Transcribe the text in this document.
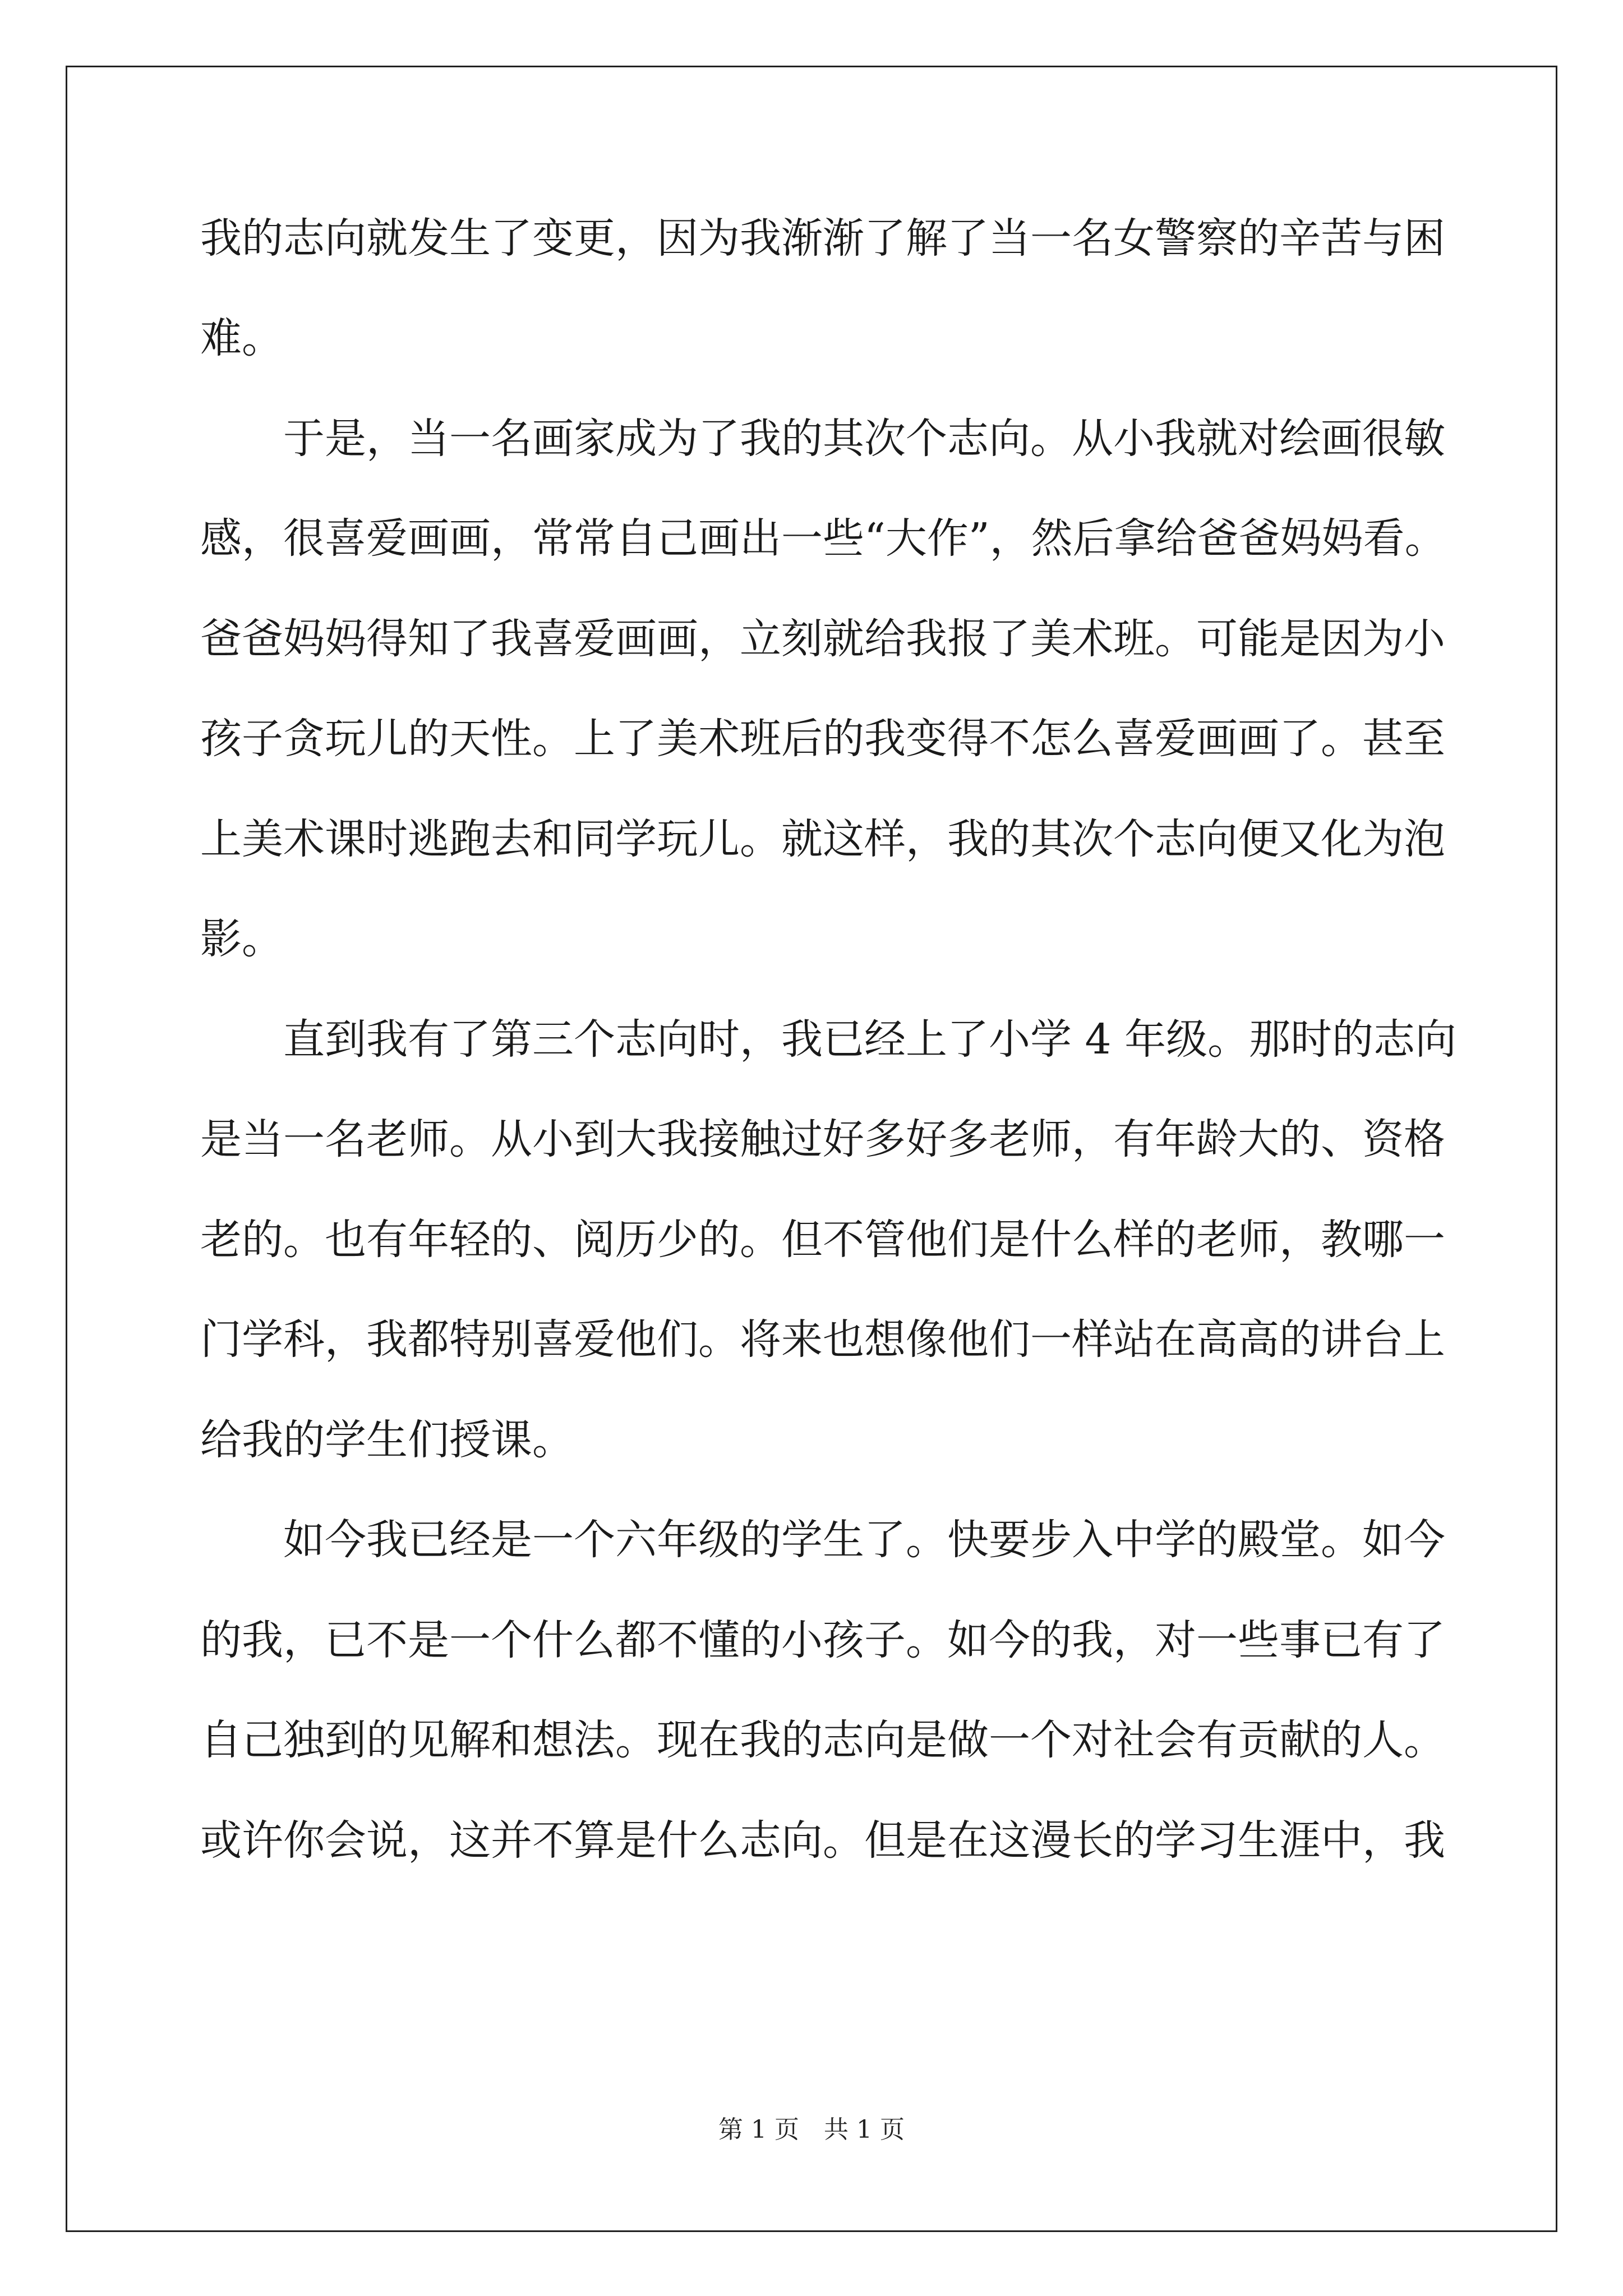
我的志向就发生了变更，因为我渐渐了解了当一名女警察的辛苦与困
难。
于是，当一名画家成为了我的其次个志向。从小我就对绘画很敏
感，很喜爱画画，常常自己画出一些“大作”，然后拿给爸爸妈妈看。
爸爸妈妈得知了我喜爱画画，立刻就给我报了美术班。可能是因为小
孩子贪玩儿的天性。上了美术班后的我变得不怎么喜爱画画了。甚至
上美术课时逃跑去和同学玩儿。就这样，我的其次个志向便又化为泡
影。
直到我有了第三个志向时，我已经上了小学 4 年级。那时的志向
是当一名老师。从小到大我接触过好多好多老师，有年龄大的、资格
老的。也有年轻的、阅历少的。但不管他们是什么样的老师，教哪一
门学科，我都特别喜爱他们。将来也想像他们一样站在高高的讲台上
给我的学生们授课。
如今我已经是一个六年级的学生了。快要步入中学的殿堂。如今
的我，已不是一个什么都不懂的小孩子。如今的我，对一些事已有了
自己独到的见解和想法。现在我的志向是做一个对社会有贡献的人。
或许你会说，这并不算是什么志向。但是在这漫长的学习生涯中，我
第 1 页　共 1 页
